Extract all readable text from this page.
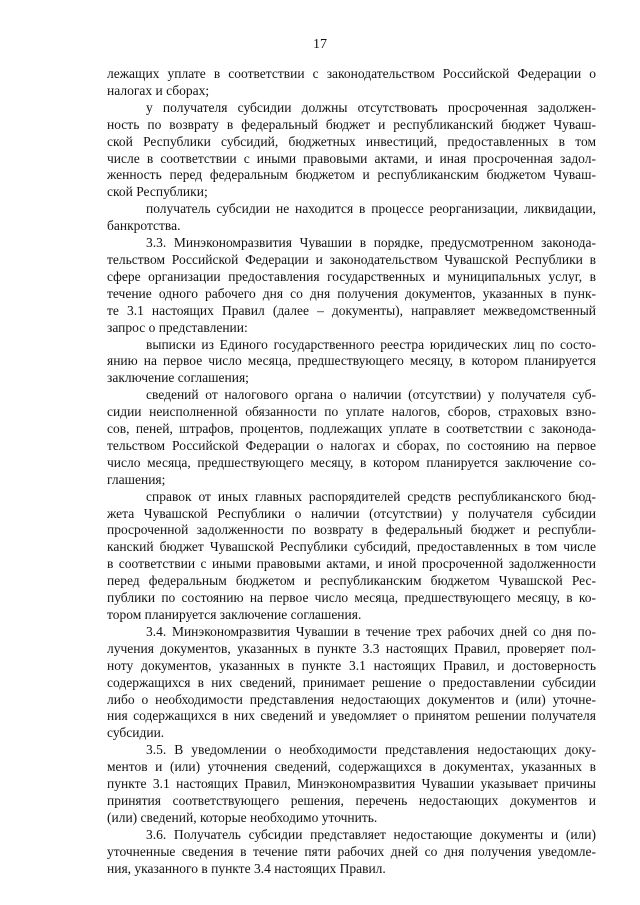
17
лежащих уплате в соответствии с законодательством Российской Федерации о
налогах и сборах;
у получателя субсидии должны отсутствовать просроченная задолжен-
ность по возврату в федеральный бюджет и республиканский бюджет Чуваш-
ской Республики субсидий, бюджетных инвестиций, предоставленных в том
числе в соответствии с иными правовыми актами, и иная просроченная задол-
женность перед федеральным бюджетом и республиканским бюджетом Чуваш-
ской Республики;
получатель субсидии не находится в процессе реорганизации, ликвидации,
банкротства.
3.3. Минэкономразвития Чувашии в порядке, предусмотренном законода-
тельством Российской Федерации и законодательством Чувашской Республики в
сфере организации предоставления государственных и муниципальных услуг, в
течение одного рабочего дня со дня получения документов, указанных в пунк-
те 3.1 настоящих Правил (далее – документы), направляет межведомственный
запрос о представлении:
выписки из Единого государственного реестра юридических лиц по состо-
янию на первое число месяца, предшествующего месяцу, в котором планируется
заключение соглашения;
сведений от налогового органа о наличии (отсутствии) у получателя суб-
сидии неисполненной обязанности по уплате налогов, сборов, страховых взно-
сов, пеней, штрафов, процентов, подлежащих уплате в соответствии с законода-
тельством Российской Федерации о налогах и сборах, по состоянию на первое
число месяца, предшествующего месяцу, в котором планируется заключение со-
глашения;
справок от иных главных распорядителей средств республиканского бюд-
жета Чувашской Республики о наличии (отсутствии) у получателя субсидии
просроченной задолженности по возврату в федеральный бюджет и республи-
канский бюджет Чувашской Республики субсидий, предоставленных в том числе
в соответствии с иными правовыми актами, и иной просроченной задолженности
перед федеральным бюджетом и республиканским бюджетом Чувашской Рес-
публики по состоянию на первое число месяца, предшествующего месяцу, в ко-
тором планируется заключение соглашения.
3.4. Минэкономразвития Чувашии в течение трех рабочих дней со дня по-
лучения документов, указанных в пункте 3.3 настоящих Правил, проверяет пол-
ноту документов, указанных в пункте 3.1 настоящих Правил, и достоверность
содержащихся в них сведений, принимает решение о предоставлении субсидии
либо о необходимости представления недостающих документов и (или) уточне-
ния содержащихся в них сведений и уведомляет о принятом решении получателя
субсидии.
3.5. В уведомлении о необходимости представления недостающих доку-
ментов и (или) уточнения сведений, содержащихся в документах, указанных в
пункте 3.1 настоящих Правил, Минэкономразвития Чувашии указывает причины
принятия соответствующего решения, перечень недостающих документов и
(или) сведений, которые необходимо уточнить.
3.6. Получатель субсидии представляет недостающие документы и (или)
уточненные сведения в течение пяти рабочих дней со дня получения уведомле-
ния, указанного в пункте 3.4 настоящих Правил.
